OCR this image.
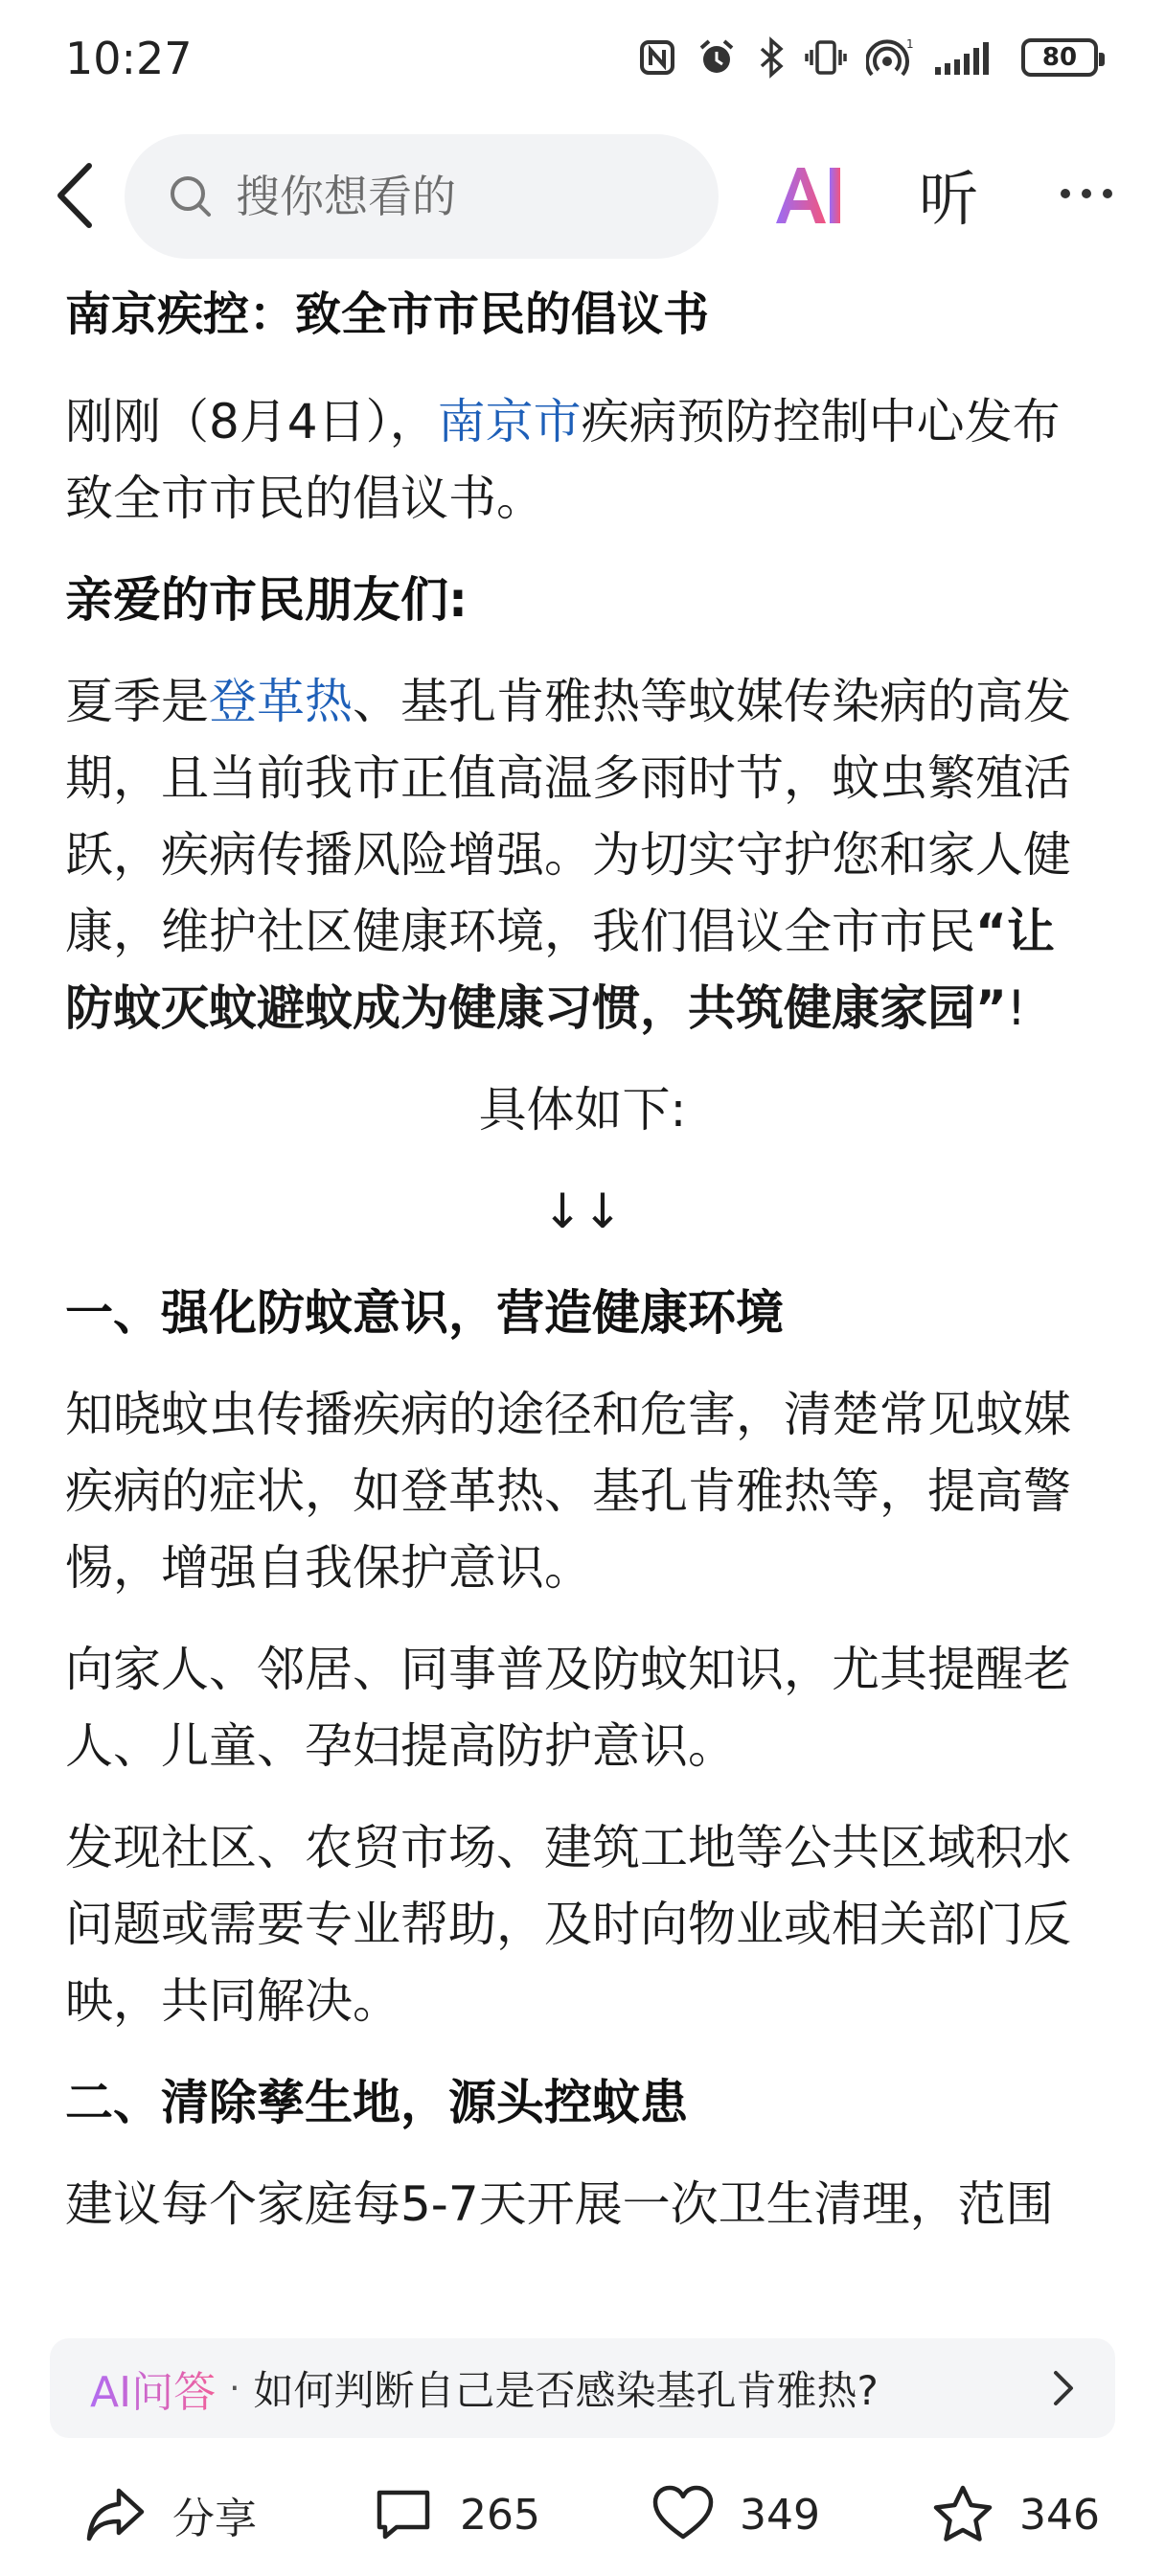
10:27	1	80
搜你想看的
听
南京疾控：致全市市民的倡议书

刚刚（8月4日），南京市疾病预防控制中心发布致全市市民的倡议书。

亲爱的市民朋友们:

夏季是登革热、基孔肯雅热等蚊媒传染病的高发期，且当前我市正值高温多雨时节，蚊虫繁殖活跃，疾病传播风险增强。为切实守护您和家人健康，维护社区健康环境，我们倡议全市市民“让防蚊灭蚊避蚊成为健康习惯，共筑健康家园”!

具体如下:

↓↓

一、强化防蚊意识，营造健康环境

知晓蚊虫传播疾病的途径和危害，清楚常见蚊媒疾病的症状，如登革热、基孔肯雅热等，提高警惕，增强自我保护意识。

向家人、邻居、同事普及防蚊知识，尤其提醒老人、儿童、孕妇提高防护意识。

发现社区、农贸市场、建筑工地等公共区域积水问题或需要专业帮助，及时向物业或相关部门反映，共同解决。

二、清除孳生地，源头控蚊患

建议每个家庭每5-7天开展一次卫生清理，范围

AI问答 · 如何判断自己是否感染基孔肯雅热?
分享	265	349	346
